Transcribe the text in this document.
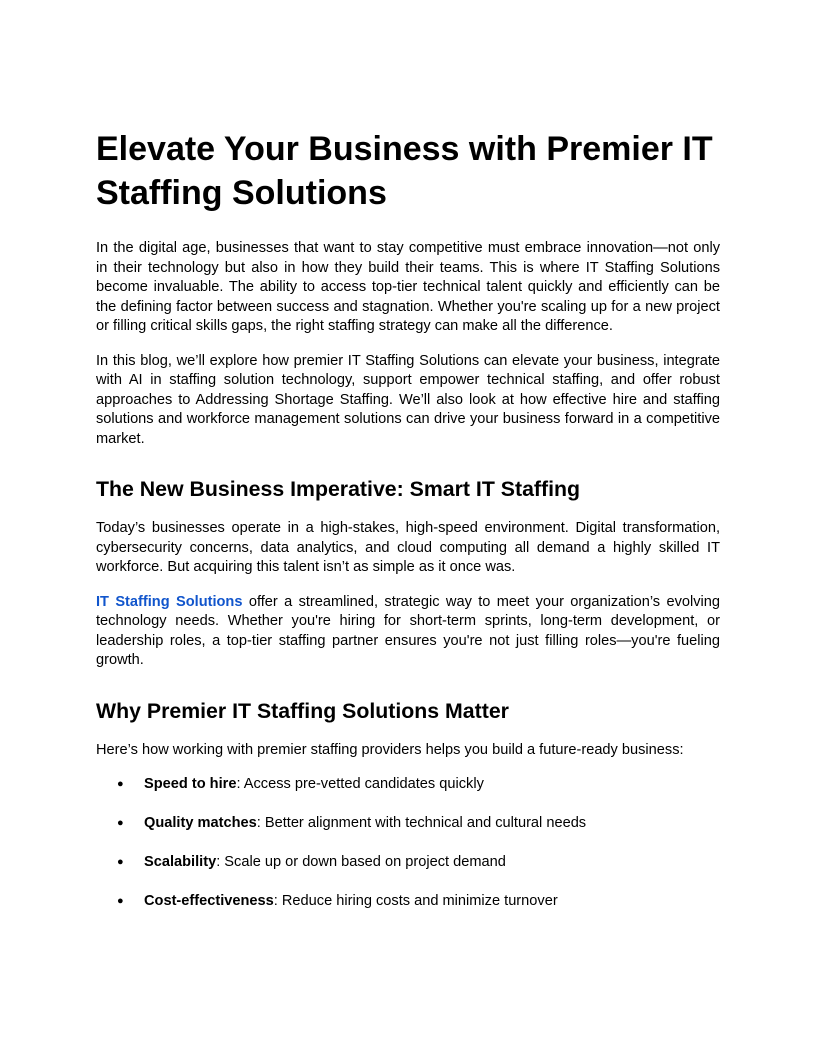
Elevate Your Business with Premier IT Staffing Solutions

In the digital age, businesses that want to stay competitive must embrace innovation—not only in their technology but also in how they build their teams. This is where IT Staffing Solutions become invaluable. The ability to access top-tier technical talent quickly and efficiently can be the defining factor between success and stagnation. Whether you're scaling up for a new project or filling critical skills gaps, the right staffing strategy can make all the difference.

In this blog, we’ll explore how premier IT Staffing Solutions can elevate your business, integrate with AI in staffing solution technology, support empower technical staffing, and offer robust approaches to Addressing Shortage Staffing. We’ll also look at how effective hire and staffing solutions and workforce management solutions can drive your business forward in a competitive market.

The New Business Imperative: Smart IT Staffing

Today’s businesses operate in a high-stakes, high-speed environment. Digital transformation, cybersecurity concerns, data analytics, and cloud computing all demand a highly skilled IT workforce. But acquiring this talent isn’t as simple as it once was.

IT Staffing Solutions offer a streamlined, strategic way to meet your organization’s evolving technology needs. Whether you're hiring for short-term sprints, long-term development, or leadership roles, a top-tier staffing partner ensures you're not just filling roles—you're fueling growth.

Why Premier IT Staffing Solutions Matter

Here’s how working with premier staffing providers helps you build a future-ready business:

● Speed to hire: Access pre-vetted candidates quickly
● Quality matches: Better alignment with technical and cultural needs
● Scalability: Scale up or down based on project demand
● Cost-effectiveness: Reduce hiring costs and minimize turnover
